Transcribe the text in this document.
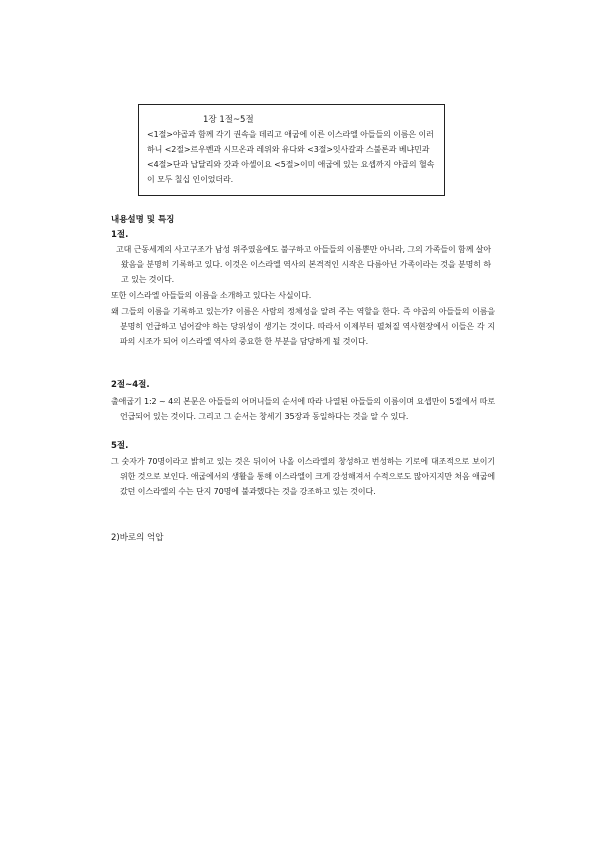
1장 1절~5절

<1절>야곱과 함께 각기 권속을 데리고 애굽에 이른 이스라엘 아들들의 이름은 이러하니 <2절>르우벤과 시므온과 레위와 유다와 <3절>잇사갈과 스불론과 베냐민과 <4절>단과 납달리와 갓과 아셀이요 <5절>이미 애굽에 있는 요셉까지 야곱의 혈속이 모두 칠십 인이었더라.

내용설명 및 특징
1절.

고대 근동세계의 사고구조가 남성 위주였음에도 불구하고 아들들의 이름뿐만 아니라, 그의 가족들이 함께 살아왔음을 분명히 기록하고 있다. 이것은 이스라엘 역사의 본격적인 시작은 다름아닌 가족이라는 것을 분명히 하고 있는 것이다.

또한 이스라엘 아들들의 이름을 소개하고 있다는 사실이다.

왜 그들의 이름을 기록하고 있는가? 이름은 사람의 정체성을 알려 주는 역할을 한다. 즉 야곱의 아들들의 이름을 분명히 언급하고 넘어갈야 하는 당위성이 생기는 것이다. 따라서 이제부터 펼쳐질 역사현장에서 이들은 각 지파의 시조가 되어 이스라엘 역사의 중요한 한 부분을 담당하게 될 것이다.

2절~4절.

출애굽기 1:2 ~ 4의 본문은 아들들의 어머니들의 순서에 따라 나열된 아들들의 이름이며 요셉만이 5절에서 따로 언급되어 있는 것이다. 그리고 그 순서는 창세기 35장과 동일하다는 것을 알 수 있다.

5절.

그 숫자가 70명이라고 밝히고 있는 것은 뒤이어 나올 이스라엘의 창성하고 번성하는 기로에 대조적으로 보이기 위한 것으로 보인다. 애굽에서의 생활을 통해 이스라엘이 크게 강성해져서 수적으로도 많아지지만 처음 애굽에 갔던 이스라엘의 수는 단지 70명에 불과했다는 것을 강조하고 있는 것이다.

2)바로의 억압
